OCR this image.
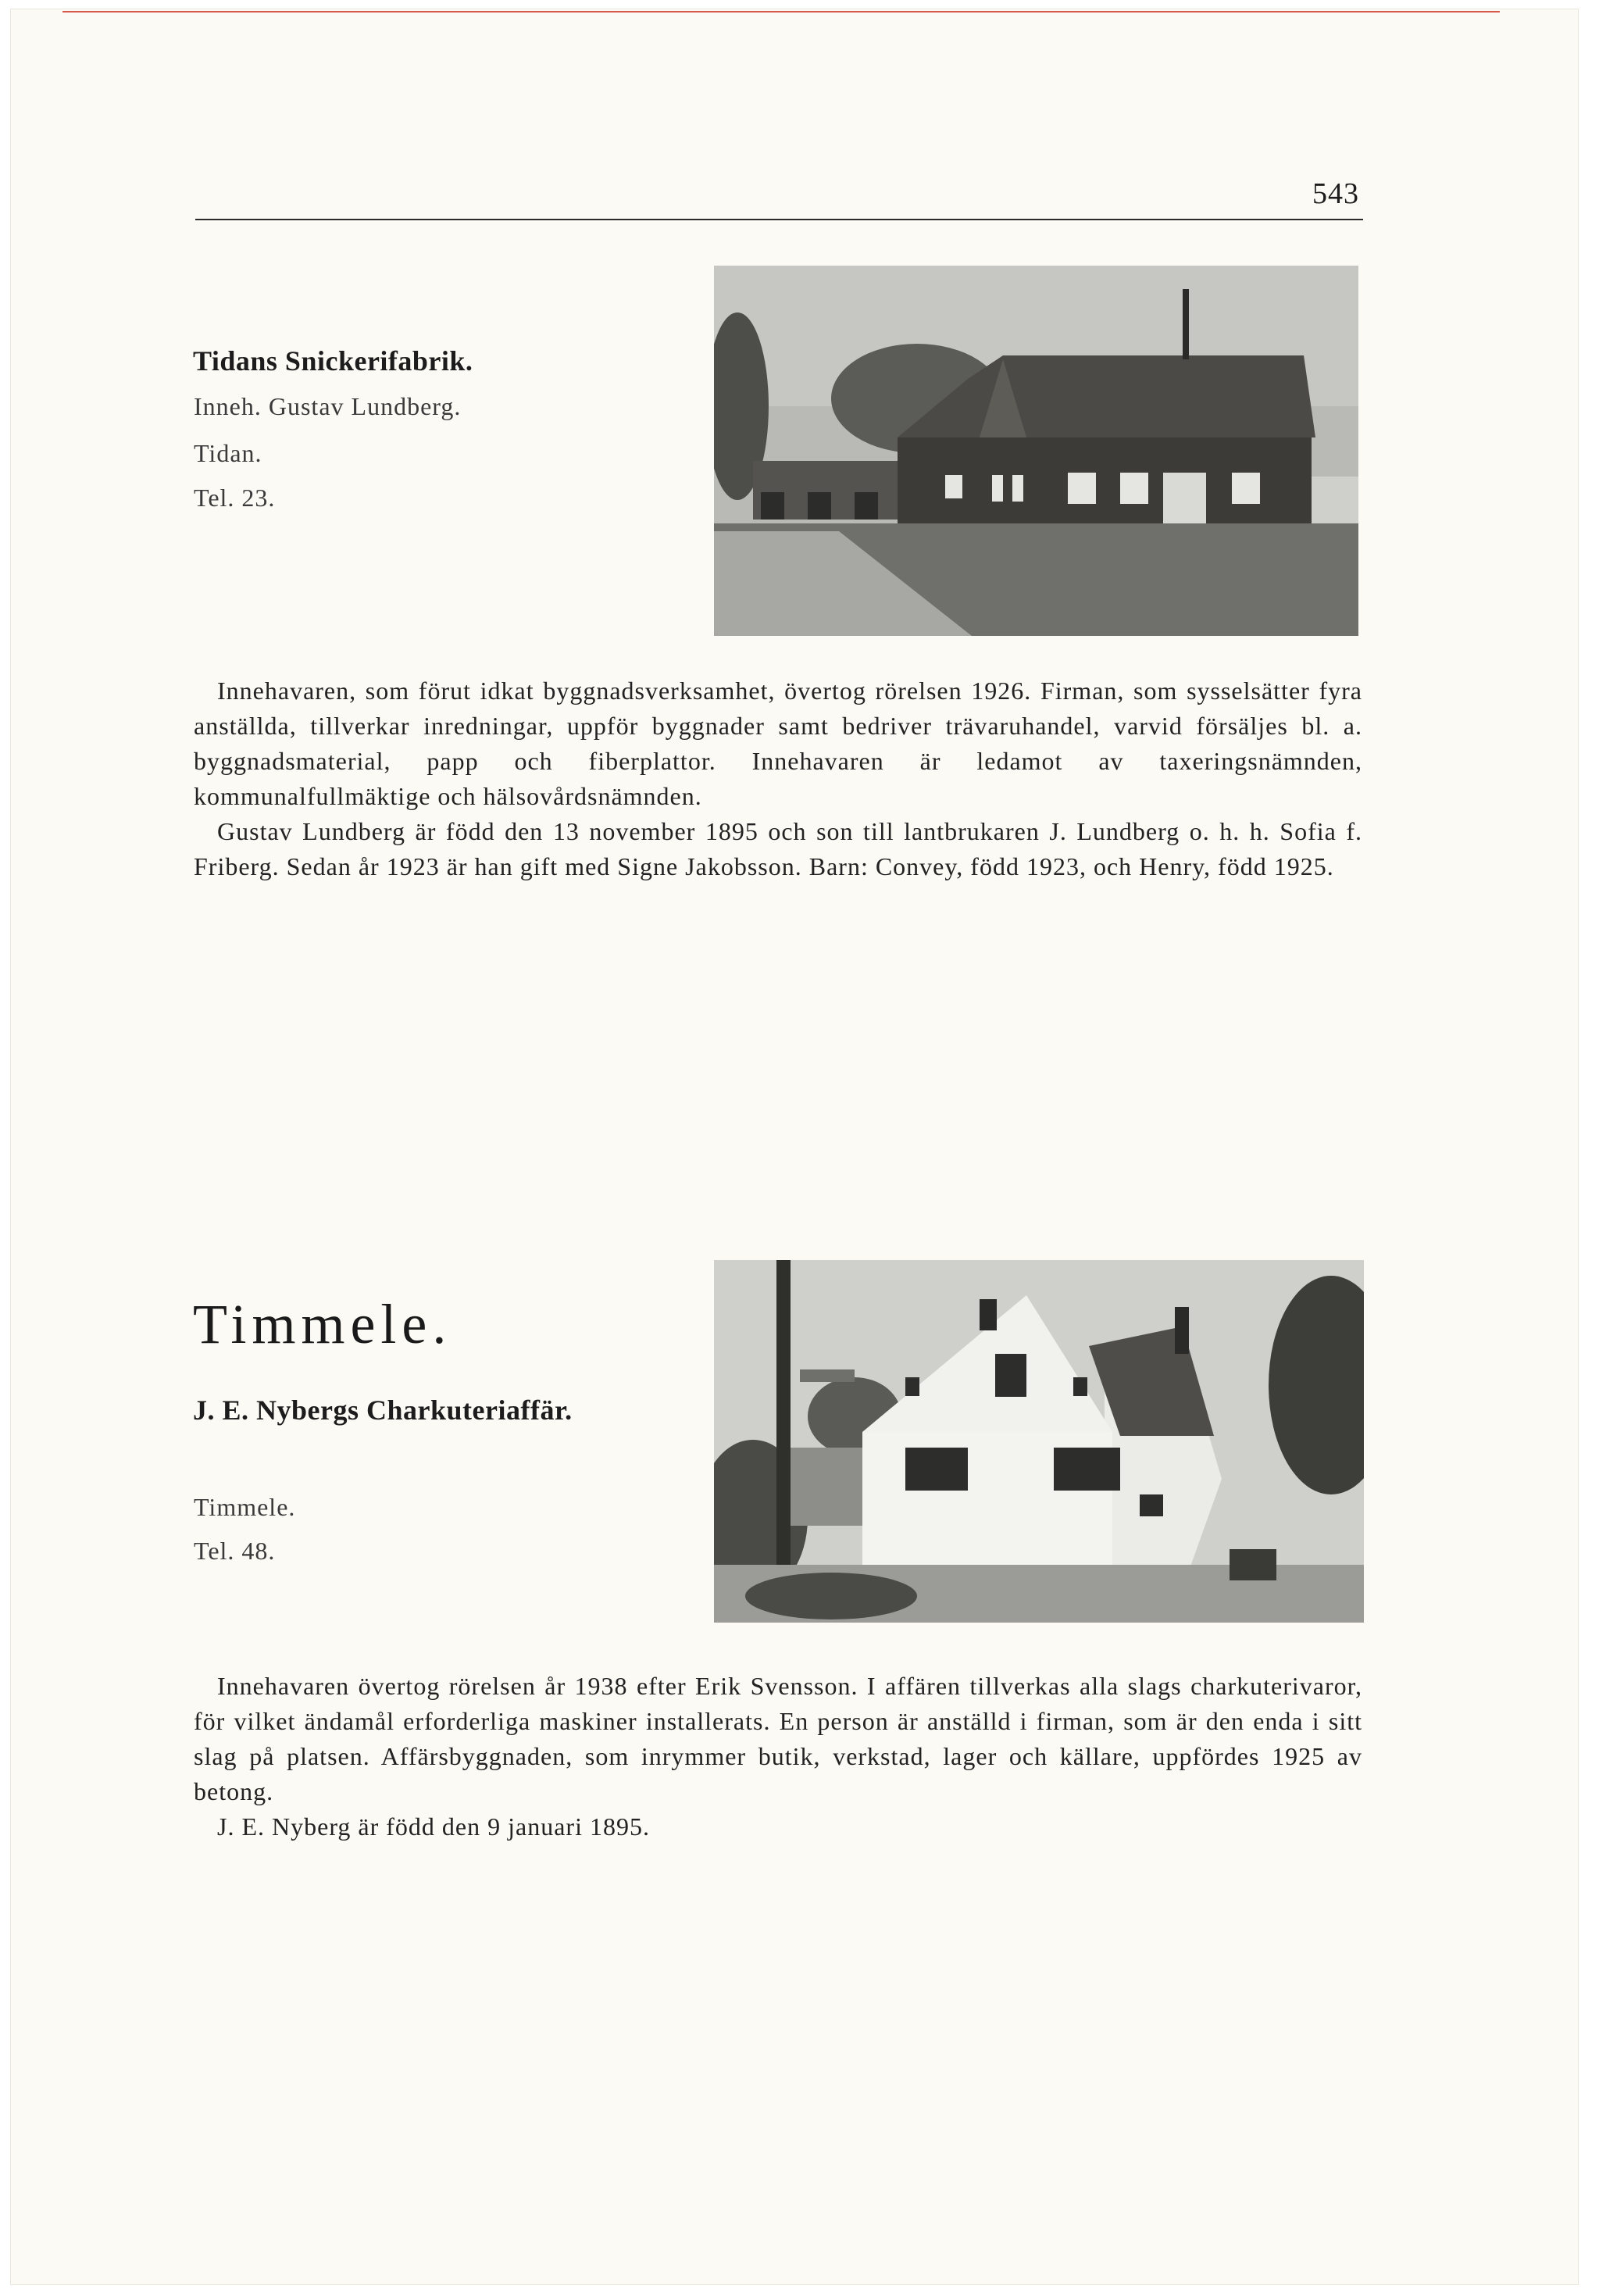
543
Tidans Snickerifabrik.
Inneh. Gustav Lundberg.
Tidan.
Tel. 23.

Innehavaren, som förut idkat byggnadsverksamhet, övertog rörelsen 1926. Firman, som sysselsätter fyra anställda, tillverkar inredningar, uppför byggnader samt bedriver trävaruhandel, varvid försäljes bl. a. byggnadsmaterial, papp och fiberplattor. Innehavaren är ledamot av taxeringsnämnden, kommunalfullmäktige och hälsovårdsnämnden.

Gustav Lundberg är född den 13 november 1895 och son till lantbrukaren J. Lundberg o. h. h. Sofia f. Friberg. Sedan år 1923 är han gift med Signe Jakobsson. Barn: Convey, född 1923, och Henry, född 1925.

Timmele.
J. E. Nybergs Charkuteriaffär.
Timmele.
Tel. 48.

Innehavaren övertog rörelsen år 1938 efter Erik Svensson. I affären tillverkas alla slags charkuterivaror, för vilket ändamål erforderliga maskiner installerats. En person är anställd i firman, som är den enda i sitt slag på platsen. Affärsbyggnaden, som inrymmer butik, verkstad, lager och källare, uppfördes 1925 av betong.

J. E. Nyberg är född den 9 januari 1895.
